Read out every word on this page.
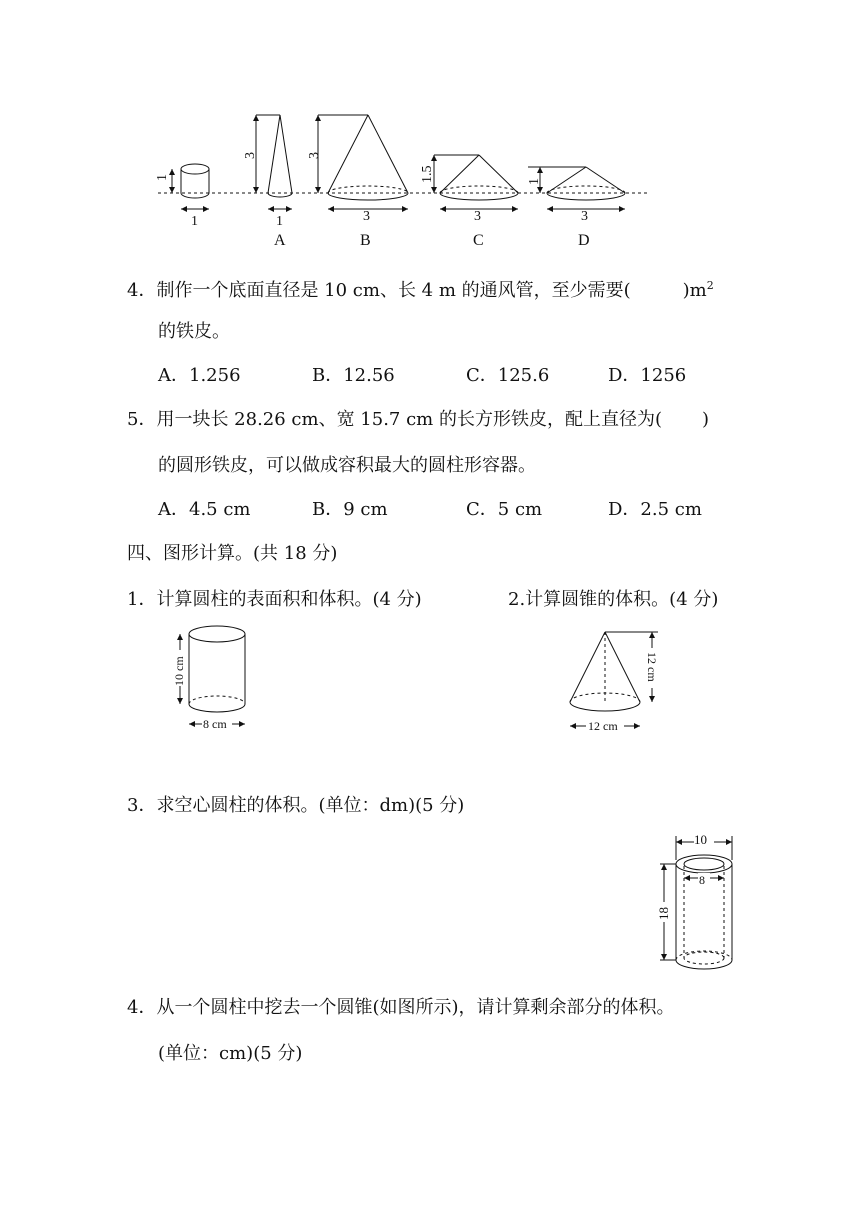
1
1
3
1
A
3
3
B
1.5
3
C
1
3
D
4．制作一个底面直径是 10 cm、长 4 m 的通风管，至少需要(	)$m^2$
的铁皮。
A．1.256	B．12.56	C．125.6	D．1256
5．用一块长 28.26 cm、宽 15.7 cm 的长方形铁皮，配上直径为( )
的圆形铁皮，可以做成容积最大的圆柱形容器。
A．4.5 cm	B．9 cm	C．5 cm	D．2.5 cm
四、图形计算。(共 18 分)
1．计算圆柱的表面积和体积。(4 分)	2.计算圆锥的体积。(4 分)
10 cm
8 cm
12 cm
12 cm
3．求空心圆柱的体积。(单位：dm)(5 分)
10
8
18
4．从一个圆柱中挖去一个圆锥(如图所示)，请计算剩余部分的体积。
(单位：cm)(5 分)
